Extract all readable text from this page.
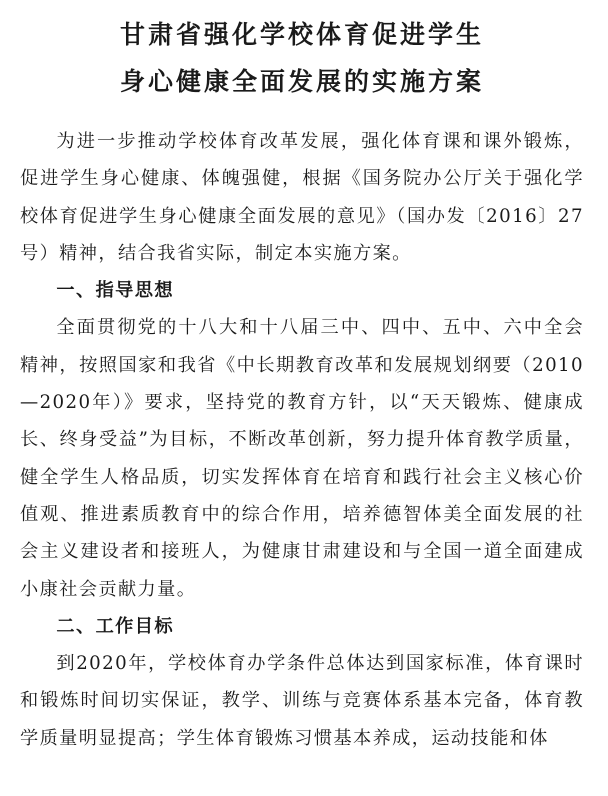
甘肃省强化学校体育促进学生
身心健康全面发展的实施方案

为进一步推动学校体育改革发展，强化体育课和课外锻炼，促进学生身心健康、体魄强健，根据《国务院办公厅关于强化学校体育促进学生身心健康全面发展的意见》（国办发〔2016〕27号）精神，结合我省实际，制定本实施方案。

一、指导思想

全面贯彻党的十八大和十八届三中、四中、五中、六中全会精神，按照国家和我省《中长期教育改革和发展规划纲要（2010—2020年）》要求，坚持党的教育方针，以“天天锻炼、健康成长、终身受益”为目标，不断改革创新，努力提升体育教学质量，健全学生人格品质，切实发挥体育在培育和践行社会主义核心价值观、推进素质教育中的综合作用，培养德智体美全面发展的社会主义建设者和接班人，为健康甘肃建设和与全国一道全面建成小康社会贡献力量。

二、工作目标

到2020年，学校体育办学条件总体达到国家标准，体育课时和锻炼时间切实保证，教学、训练与竞赛体系基本完备，体育教学质量明显提高；学生体育锻炼习惯基本养成，运动技能和体
